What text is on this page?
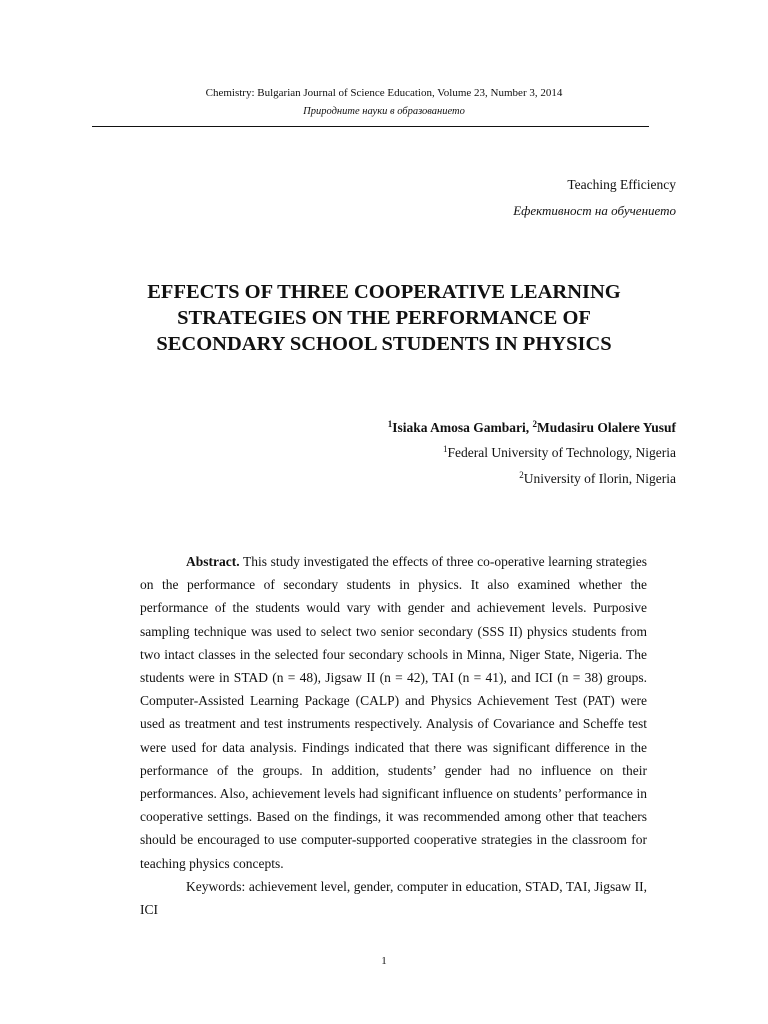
Chemistry: Bulgarian Journal of Science Education, Volume 23, Number 3, 2014
Природните науки в образованието
Teaching Efficiency
Ефективност на обучението
EFFECTS OF THREE COOPERATIVE LEARNING
STRATEGIES ON THE PERFORMANCE OF
SECONDARY SCHOOL STUDENTS IN PHYSICS
$^1$Isiaka Amosa Gambari, $^2$Mudasiru Olalere Yusuf
$^1$Federal University of Technology, Nigeria
$^2$University of Ilorin, Nigeria

Abstract. This study investigated the effects of three co-operative learning strategies on the performance of secondary students in physics. It also examined whether the performance of the students would vary with gender and achievement levels. Purposive sampling technique was used to select two senior secondary (SSS II) physics students from two intact classes in the selected four secondary schools in Minna, Niger State, Nigeria. The students were in STAD (n = 48), Jigsaw II (n = 42), TAI (n = 41), and ICI (n = 38) groups. Computer-Assisted Learning Package (CALP) and Physics Achievement Test (PAT) were used as treatment and test instruments respectively. Analysis of Covariance and Scheffe test were used for data analysis. Findings indicated that there was significant difference in the performance of the groups. In addition, students’ gender had no influence on their performances. Also, achievement levels had significant influence on students’ performance in cooperative settings. Based on the findings, it was recommended among other that teachers should be encouraged to use computer-supported cooperative strategies in the classroom for teaching physics concepts.

Keywords: achievement level, gender, computer in education, STAD, TAI, Jigsaw II, ICI

1
